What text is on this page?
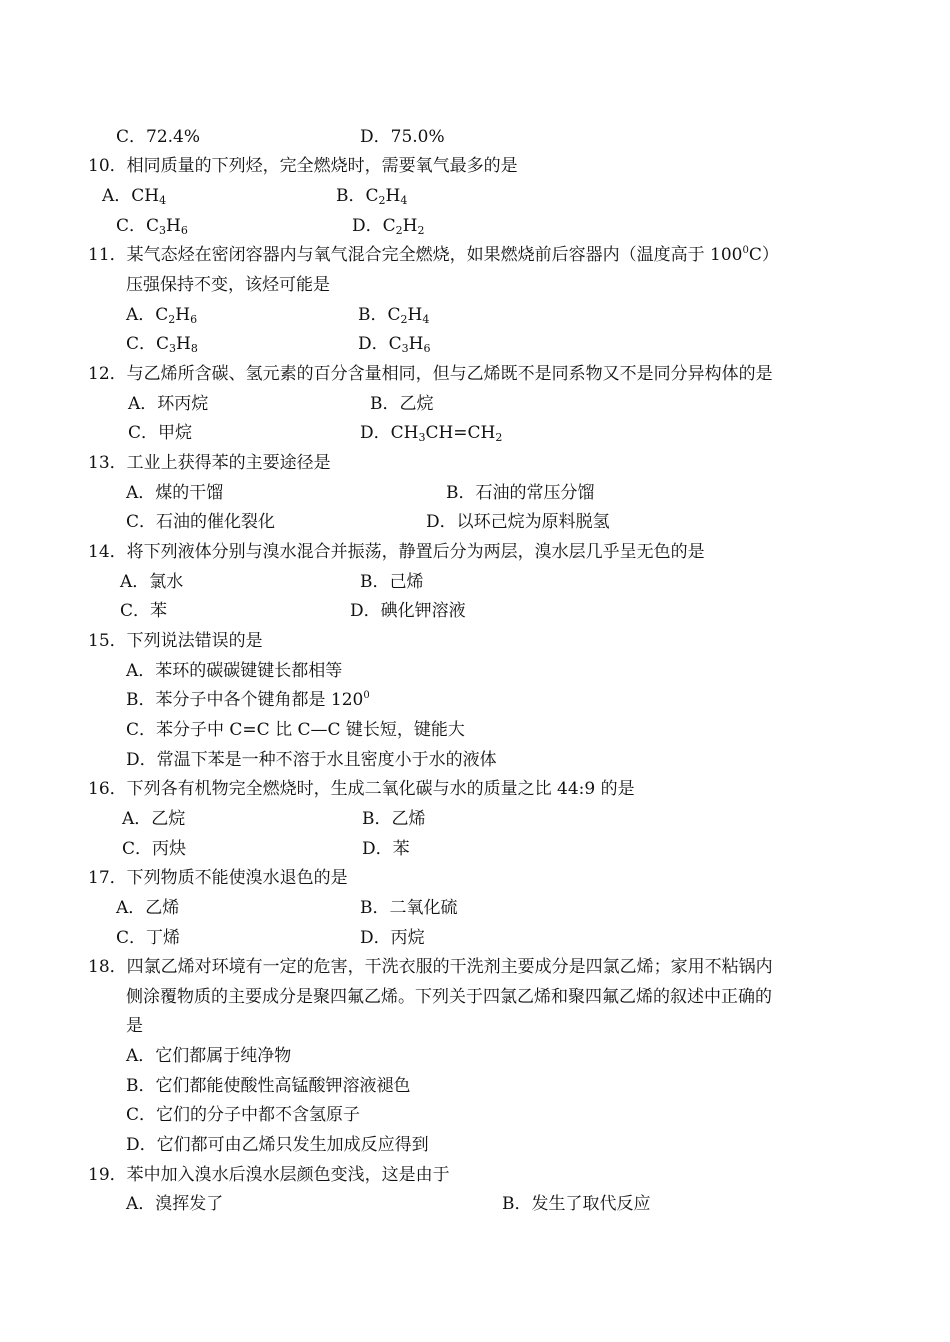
C．72.4%	D．75.0%
10．相同质量的下列烃，完全燃烧时，需要氧气最多的是
A．$CH_4$	B．$C_2H_4$
C．$C_3H_6$	D．$C_2H_2$
11．某气态烃在密闭容器内与氧气混合完全燃烧，如果燃烧前后容器内（温度高于 $100^0C$）
压强保持不变，该烃可能是
A．$C_2H_6$	B．$C_2H_4$
C．$C_3H_8$	D．$C_3H_6$
12．与乙烯所含碳、氢元素的百分含量相同，但与乙烯既不是同系物又不是同分异构体的是
A．环丙烷	B．乙烷
C．甲烷	D．$CH_3CH=CH_2$
13．工业上获得苯的主要途径是
A．煤的干馏	B．石油的常压分馏
C．石油的催化裂化	D．以环己烷为原料脱氢
14．将下列液体分别与溴水混合并振荡，静置后分为两层，溴水层几乎呈无色的是
A．氯水	B．己烯
C．苯	D．碘化钾溶液
15．下列说法错误的是
A．苯环的碳碳键键长都相等
B．苯分子中各个键角都是 $120^0$
C．苯分子中 C=C 比 C—C 键长短，键能大
D．常温下苯是一种不溶于水且密度小于水的液体
16．下列各有机物完全燃烧时，生成二氧化碳与水的质量之比 44:9 的是
A．乙烷	B．乙烯
C．丙炔	D．苯
17．下列物质不能使溴水退色的是
A．乙烯	B．二氧化硫
C．丁烯	D．丙烷
18．四氯乙烯对环境有一定的危害，干洗衣服的干洗剂主要成分是四氯乙烯；家用不粘锅内
侧涂覆物质的主要成分是聚四氟乙烯。下列关于四氯乙烯和聚四氟乙烯的叙述中正确的
是
A．它们都属于纯净物
B．它们都能使酸性高锰酸钾溶液褪色
C．它们的分子中都不含氢原子
D．它们都可由乙烯只发生加成反应得到
19．苯中加入溴水后溴水层颜色变浅，这是由于
A．溴挥发了	B．发生了取代反应
